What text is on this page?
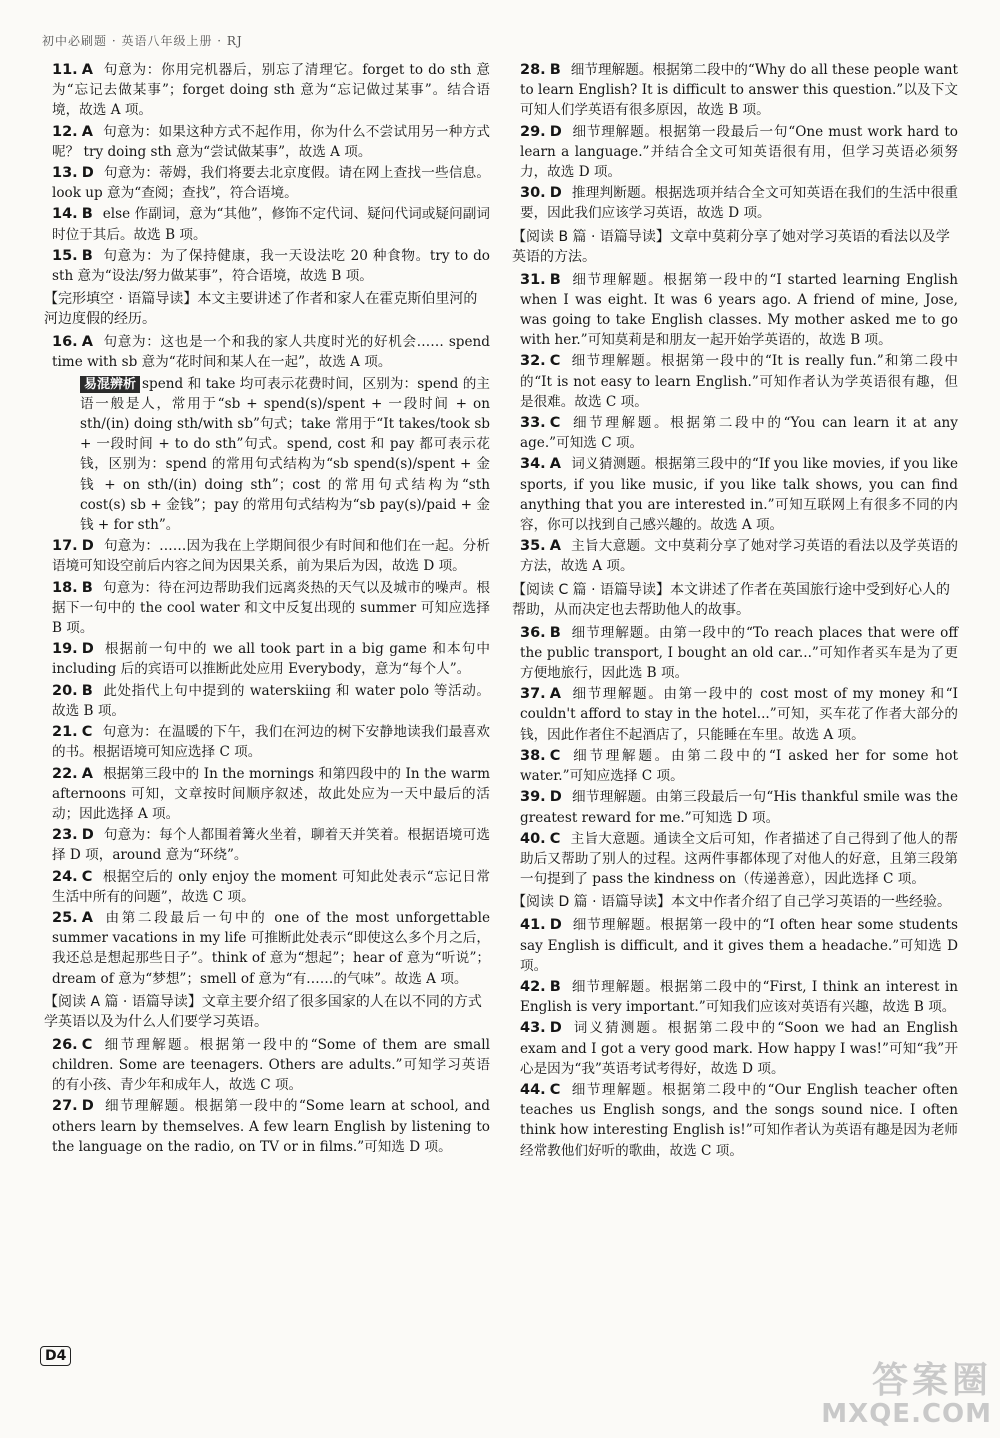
初中必刷题 · 英语八年级上册 · RJ
11. A 句意为：你用完机器后，别忘了清理它。forget to do sth 意为“忘记去做某事”；forget doing sth 意为“忘记做过某事”。结合语境，故选 A 项。
12. A 句意为：如果这种方式不起作用，你为什么不尝试用另一种方式呢？ try doing sth 意为“尝试做某事”，故选 A 项。
13. D 句意为：蒂姆，我们将要去北京度假。请在网上查找一些信息。look up 意为“查阅；查找”，符合语境。
14. B else 作副词，意为“其他”，修饰不定代词、疑问代词或疑问副词时位于其后。故选 B 项。
15. B 句意为：为了保持健康，我一天设法吃 20 种食物。try to do sth 意为“设法/努力做某事”，符合语境，故选 B 项。
【完形填空 · 语篇导读】本文主要讲述了作者和家人在霍克斯伯里河的河边度假的经历。
16. A 句意为：这也是一个和我的家人共度时光的好机会…… spend time with sb 意为“花时间和某人在一起”，故选 A 项。
易混辨析 spend 和 take 均可表示花费时间，区别为：spend 的主语一般是人，常用于“sb + spend(s)/spent + 一段时间 + on sth/(in) doing sth/with sb”句式；take 常用于“It takes/took sb + 一段时间 + to do sth”句式。spend, cost 和 pay 都可表示花钱，区别为：spend 的常用句式结构为“sb spend(s)/spent + 金钱 + on sth/(in) doing sth”；cost 的常用句式结构为“sth cost(s) sb + 金钱”；pay 的常用句式结构为“sb pay(s)/paid + 金钱 + for sth”。
17. D 句意为：……因为我在上学期间很少有时间和他们在一起。分析语境可知设空前后内容之间为因果关系，前为果后为因，故选 D 项。
18. B 句意为：待在河边帮助我们远离炎热的天气以及城市的噪声。根据下一句中的 the cool water 和文中反复出现的 summer 可知应选择 B 项。
19. D 根据前一句中的 we all took part in a big game 和本句中 including 后的宾语可以推断此处应用 Everybody，意为“每个人”。
20. B 此处指代上句中提到的 waterskiing 和 water polo 等活动。故选 B 项。
21. C 句意为：在温暖的下午，我们在河边的树下安静地读我们最喜欢的书。根据语境可知应选择 C 项。
22. A 根据第三段中的 In the mornings 和第四段中的 In the warm afternoons 可知，文章按时间顺序叙述，故此处应为一天中最后的活动；因此选择 A 项。
23. D 句意为：每个人都围着篝火坐着，聊着天并笑着。根据语境可选择 D 项，around 意为“环绕”。
24. C 根据空后的 only enjoy the moment 可知此处表示“忘记日常生活中所有的问题”，故选 C 项。
25. A 由第二段最后一句中的 one of the most unforgettable summer vacations in my life 可推断此处表示“即使这么多个月之后，我还总是想起那些日子”。think of 意为“想起”；hear of 意为“听说”；dream of 意为“梦想”；smell of 意为“有……的气味”。故选 A 项。
【阅读 A 篇 · 语篇导读】文章主要介绍了很多国家的人在以不同的方式学英语以及为什么人们要学习英语。
26. C 细节理解题。根据第一段中的“Some of them are small children. Some are teenagers. Others are adults.”可知学习英语的有小孩、青少年和成年人，故选 C 项。
27. D 细节理解题。根据第一段中的“Some learn at school, and others learn by themselves. A few learn English by listening to the language on the radio, on TV or in films.”可知选 D 项。
28. B 细节理解题。根据第二段中的“Why do all these people want to learn English? It is difficult to answer this question.”以及下文可知人们学英语有很多原因，故选 B 项。
29. D 细节理解题。根据第一段最后一句“One must work hard to learn a language.”并结合全文可知英语很有用，但学习英语必须努力，故选 D 项。
30. D 推理判断题。根据选项并结合全文可知英语在我们的生活中很重要，因此我们应该学习英语，故选 D 项。
【阅读 B 篇 · 语篇导读】文章中莫莉分享了她对学习英语的看法以及学英语的方法。
31. B 细节理解题。根据第一段中的“I started learning English when I was eight. It was 6 years ago. A friend of mine, Jose, was going to take English classes. My mother asked me to go with her.”可知莫莉是和朋友一起开始学英语的，故选 B 项。
32. C 细节理解题。根据第一段中的“It is really fun.”和第二段中的“It is not easy to learn English.”可知作者认为学英语很有趣，但是很难。故选 C 项。
33. C 细节理解题。根据第二段中的“You can learn it at any age.”可知选 C 项。
34. A 词义猜测题。根据第三段中的“If you like movies, if you like sports, if you like music, if you like talk shows, you can find anything that you are interested in.”可知互联网上有很多不同的内容，你可以找到自己感兴趣的。故选 A 项。
35. A 主旨大意题。文中莫莉分享了她对学习英语的看法以及学英语的方法，故选 A 项。
【阅读 C 篇 · 语篇导读】本文讲述了作者在英国旅行途中受到好心人的帮助，从而决定也去帮助他人的故事。
36. B 细节理解题。由第一段中的“To reach places that were off the public transport, I bought an old car...”可知作者买车是为了更方便地旅行，因此选 B 项。
37. A 细节理解题。由第一段中的 cost most of my money 和“I couldn't afford to stay in the hotel...”可知，买车花了作者大部分的钱，因此作者住不起酒店了，只能睡在车里。故选 A 项。
38. C 细节理解题。由第二段中的“I asked her for some hot water.”可知应选择 C 项。
39. D 细节理解题。由第三段最后一句“His thankful smile was the greatest reward for me.”可知选 D 项。
40. C 主旨大意题。通读全文后可知，作者描述了自己得到了他人的帮助后又帮助了别人的过程。这两件事都体现了对他人的好意，且第三段第一句提到了 pass the kindness on（传递善意），因此选择 C 项。
【阅读 D 篇 · 语篇导读】本文中作者介绍了自己学习英语的一些经验。
41. D 细节理解题。根据第一段中的“I often hear some students say English is difficult, and it gives them a headache.”可知选 D 项。
42. B 细节理解题。根据第二段中的“First, I think an interest in English is very important.”可知我们应该对英语有兴趣，故选 B 项。
43. D 词义猜测题。根据第二段中的“Soon we had an English exam and I got a very good mark. How happy I was!”可知“我”开心是因为“我”英语考试考得好，故选 D 项。
44. C 细节理解题。根据第二段中的“Our English teacher often teaches us English songs, and the songs sound nice. I often think how interesting English is!”可知作者认为英语有趣是因为老师经常教他们好听的歌曲，故选 C 项。
D4
答案圈
MXQE.COM
